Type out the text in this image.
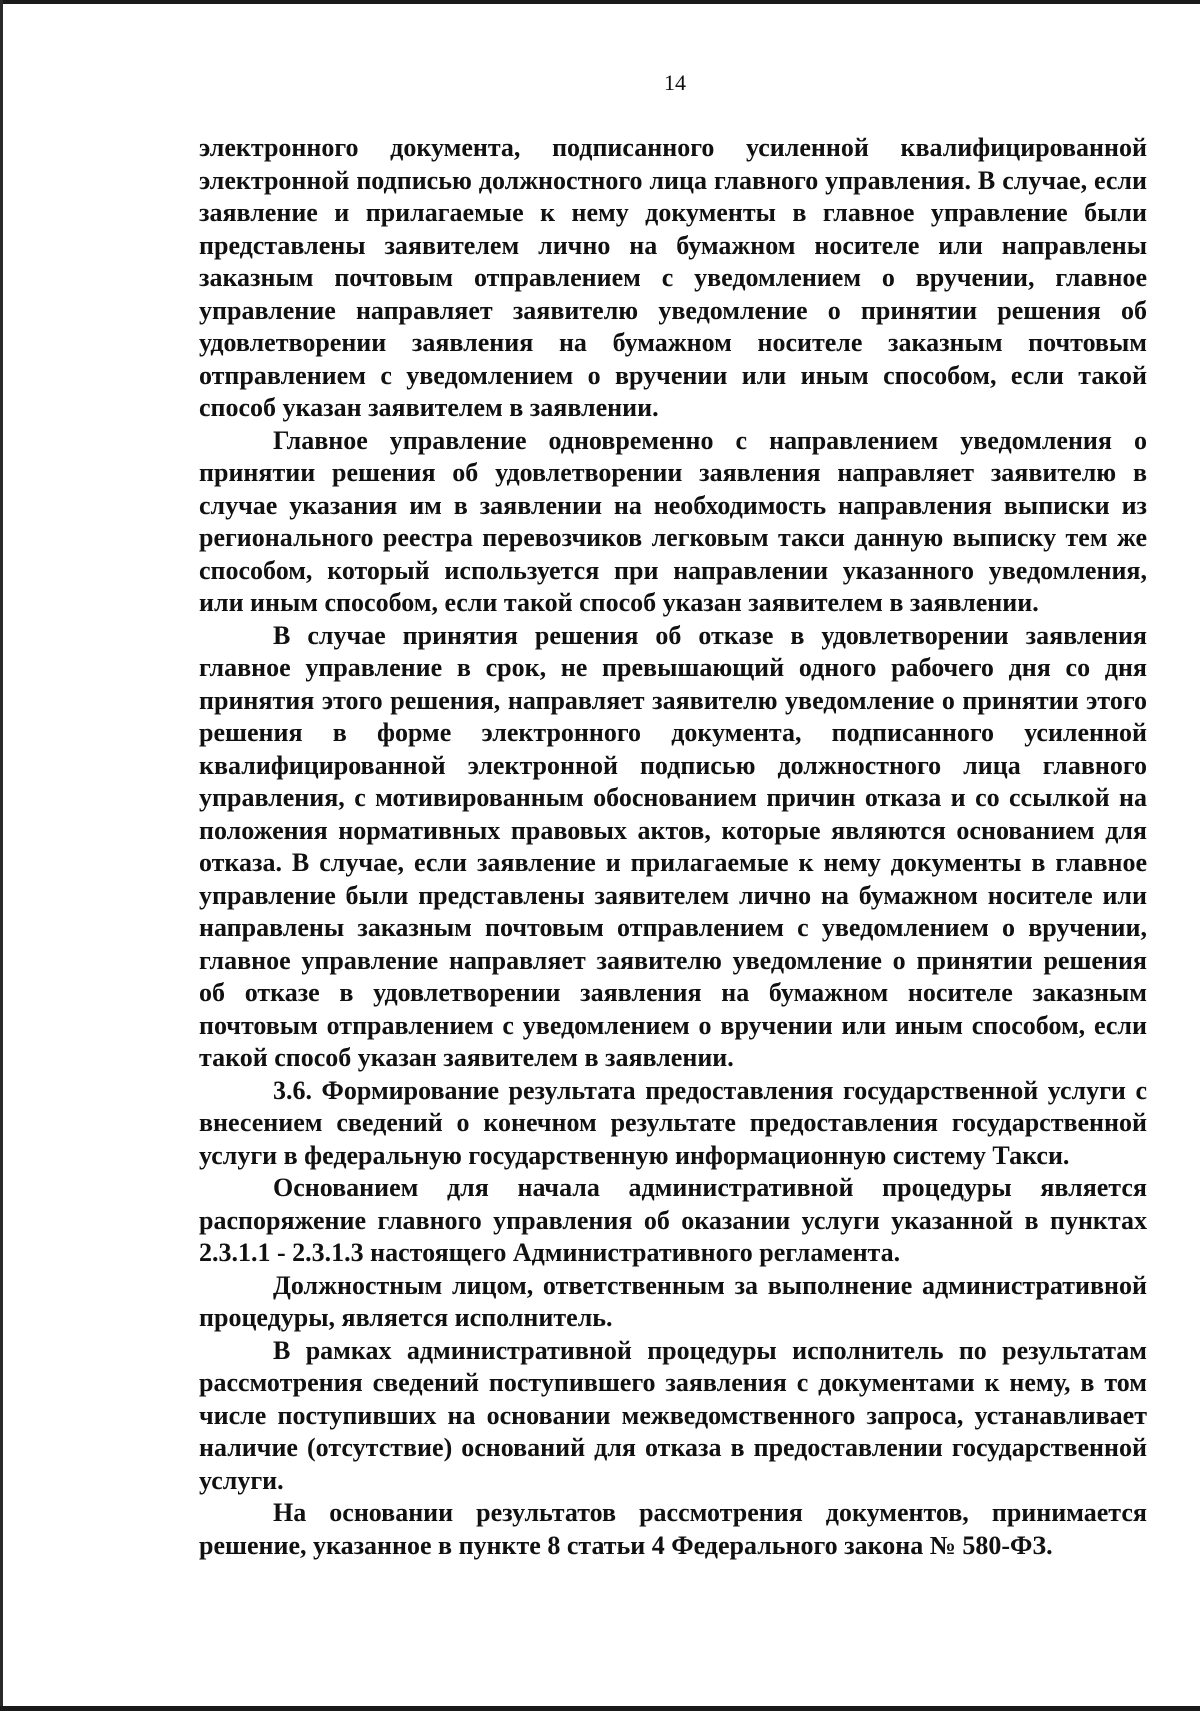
14

электронного документа, подписанного усиленной квалифицированной электронной подписью должностного лица главного управления. В случае, если заявление и прилагаемые к нему документы в главное управление были представлены заявителем лично на бумажном носителе или направлены заказным почтовым отправлением с уведомлением о вручении, главное управление направляет заявителю уведомление о принятии решения об удовлетворении заявления на бумажном носителе заказным почтовым отправлением с уведомлением о вручении или иным способом, если такой способ указан заявителем в заявлении.

Главное управление одновременно с направлением уведомления о принятии решения об удовлетворении заявления направляет заявителю в случае указания им в заявлении на необходимость направления выписки из регионального реестра перевозчиков легковым такси данную выписку тем же способом, который используется при направлении указанного уведомления, или иным способом, если такой способ указан заявителем в заявлении.

В случае принятия решения об отказе в удовлетворении заявления главное управление в срок, не превышающий одного рабочего дня со дня принятия этого решения, направляет заявителю уведомление о принятии этого решения в форме электронного документа, подписанного усиленной квалифицированной электронной подписью должностного лица главного управления, с мотивированным обоснованием причин отказа и со ссылкой на положения нормативных правовых актов, которые являются основанием для отказа. В случае, если заявление и прилагаемые к нему документы в главное управление были представлены заявителем лично на бумажном носителе или направлены заказным почтовым отправлением с уведомлением о вручении, главное управление направляет заявителю уведомление о принятии решения об отказе в удовлетворении заявления на бумажном носителе заказным почтовым отправлением с уведомлением о вручении или иным способом, если такой способ указан заявителем в заявлении.

3.6. Формирование результата предоставления государственной услуги с внесением сведений о конечном результате предоставления государственной услуги в федеральную государственную информационную систему Такси.

Основанием для начала административной процедуры является распоряжение главного управления об оказании услуги указанной в пунктах 2.3.1.1 - 2.3.1.3 настоящего Административного регламента.

Должностным лицом, ответственным за выполнение административной процедуры, является исполнитель.

В рамках административной процедуры исполнитель по результатам рассмотрения сведений поступившего заявления с документами к нему, в том числе поступивших на основании межведомственного запроса, устанавливает наличие (отсутствие) оснований для отказа в предоставлении государственной услуги.

На основании результатов рассмотрения документов, принимается решение, указанное в пункте 8 статьи 4 Федерального закона № 580-ФЗ.
